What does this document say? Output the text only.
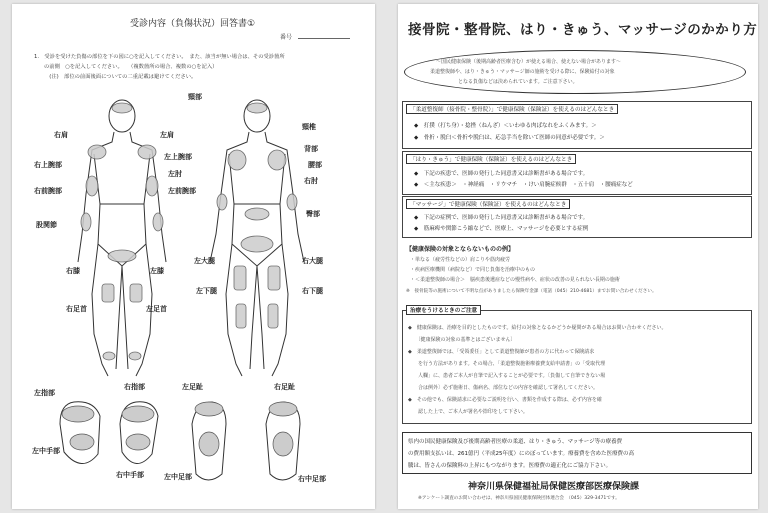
受診内容（負傷状況）回答書①
番号
1.　受診を受けた負傷の部位を下の図に○を記入してください。　また、該当が無い場合は、その受診箇所
の前側　○を記入してください。　　（複数箇所の場合、複数の○を記入）
　(注)　部位の前面後面についての二重記載は避けてください。
頸部
右肩	左肩
右上腕部
左上腕部
右前腕部	左前腕部
股関節
右膝	左膝
右足首	左足首
頸椎
背部
腰部
右肘
左肘
臀部
左大腿	右大腿
左下腿	右下腿
左指部
右指部	左足趾	右足趾
左中手部
右中手部	左中足部	右中足部
接骨院・整骨院、はり・きゅう、マッサージのかかり方
～国民健康保険（後期高齢者医療含む）が使える場合、使えない場合があります～
柔道整復師や、はり・きゅう・マッサージ師の施術を受ける際に、保険給付の対象
となる負傷などは決められています。ご注意下さい。
「柔道整復師（接骨院・整骨院）」で健康保険（保険証）を使えるのはどんなとき
◆　打撲（打ち身）・捻挫（ねんざ）＜いわゆる肉ばなれをふくみます。＞
◆　骨折・脱臼＜骨折や脱臼は、応急手当を除いて医師の同意が必要です。＞
「はり・きゅう」で健康保険（保険証）を使えるのはどんなとき
◆　下記の疾患で、医師の発行した同意書又は診断書がある場合です。
◆　＜主な疾患＞　・神経痛　・リウマチ　・けい肩腕症候群　・五十肩　・腰痛症など
「マッサージ」で健康保険（保険証）を使えるのはどんなとき
◆　下記の症例で、医師の発行した同意書又は診断書がある場合です。
◆　筋麻痺や関節こう縮などで、医療上、マッサージを必要とする症例
【健康保険の対象とならないものの例】
・単なる（疲労性などの）肩こりや筋肉疲労
・疾病医療機関（病院など）で同じ負傷を治療中のもの
・＜柔道整復師の場合＞　脳疾患後遺症などの慢性病や、症状の改善の見られない長期の施術
※　接骨院等の施術について不明な点がありましたら保険年金課（電話（045）210-4681）までお問い合わせください。
治療をうけるときのご注意
◆　健康保険は、治療を目的としたものです。給付の対象となるかどうか疑問がある場合はお問い合わせください。
　　〔健康保険の対象の基準とはございません〕
◆　柔道整復師では、「受領委任」として柔道整復師が患者の方に代わって保険請求
　　を行う方法があります。その場合、「柔道整復施術療養費支給申請書」の「受取代理
　　人欄」に、患者ご本人が自筆で記入することが必要です。〔負傷して自筆できない場
　　合は例外〕必ず施術日、傷病名、部位などの内容を確認して署名してください。
◆　その他でも、保険請求に必要なご説明を行い、書類を作成する際は、必ず内容を確
　　認した上で、ご本人が署名や捺印をして下さい。
県内の国民健康保険及び後期高齢者医療の柔道、はり・きゅう、マッサージ等の療養費
の費用額支払いは、261億円（平成25年度）にのぼっています。療養費を含めた医療費の高
騰は、皆さんの保険料の上昇にもつながります。医療費の適正化にご協力下さい。
神奈川県保健福祉局保健医療部医療保険課
※アンケート調査のお問い合わせは、神奈川県国民健康保険団体連合会　（045）329-3471です。
